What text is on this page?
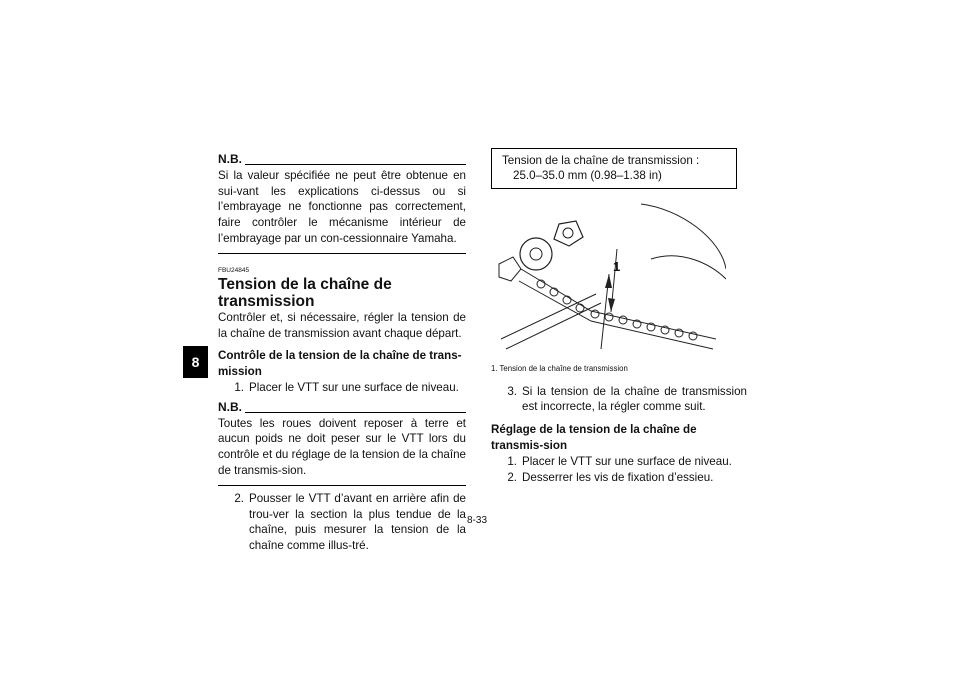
8
N.B.

Si la valeur spécifiée ne peut être obtenue en sui-vant les explications ci-dessus ou si l’embrayage ne fonctionne pas correctement, faire contrôler le mécanisme intérieur de l’embrayage par un con-cessionnaire Yamaha.

FBU24845
Tension de la chaîne de transmission

Contrôler et, si nécessaire, régler la tension de la chaîne de transmission avant chaque départ.

Contrôle de la tension de la chaîne de trans-mission
1. Placer le VTT sur une surface de niveau.
N.B.

Toutes les roues doivent reposer à terre et aucun poids ne doit peser sur le VTT lors du contrôle et du réglage de la tension de la chaîne de transmis-sion.

2. Pousser le VTT d’avant en arrière afin de trou-ver la section la plus tendue de la chaîne, puis mesurer la tension de la chaîne comme illus-tré.
Tension de la chaîne de transmission :
25.0–35.0 mm (0.98–1.38 in)
1
1. Tension de la chaîne de transmission
3. Si la tension de la chaîne de transmission est incorrecte, la régler comme suit.
Réglage de la tension de la chaîne de transmis-sion
1. Placer le VTT sur une surface de niveau.
2. Desserrer les vis de fixation d’essieu.
8-33
